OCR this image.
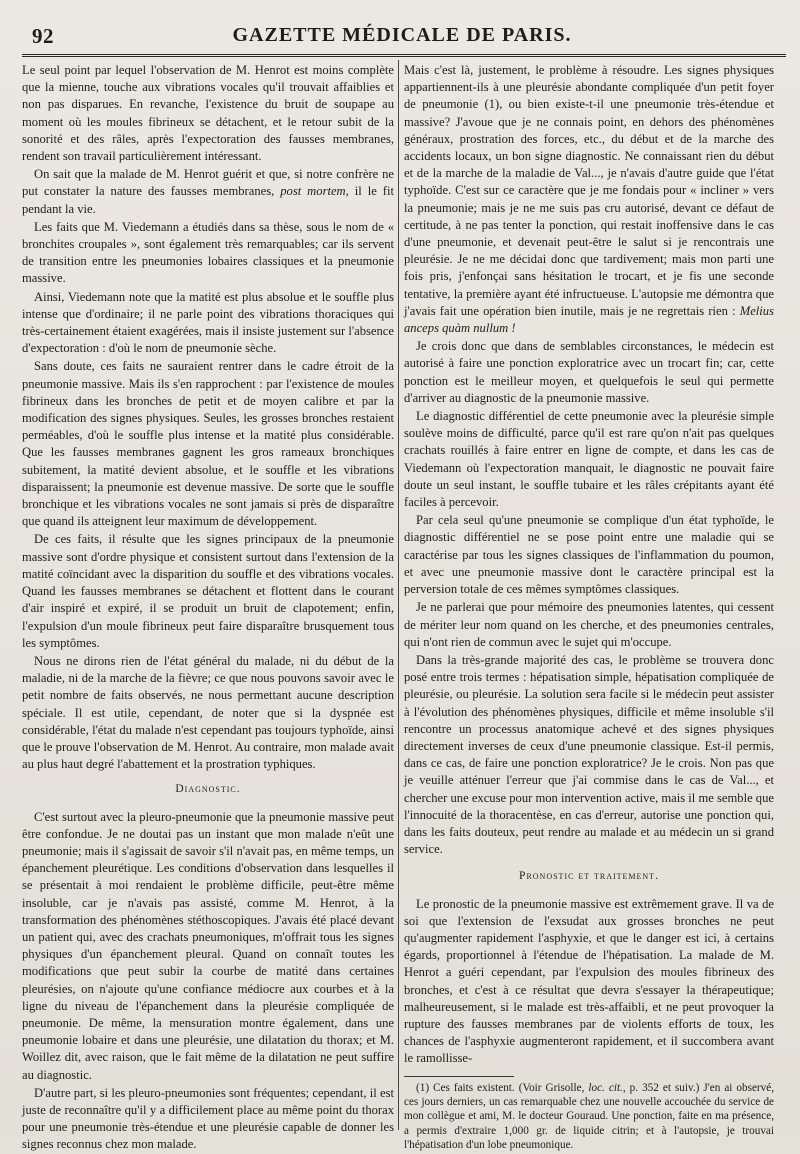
92	GAZETTE MÉDICALE DE PARIS.

Le seul point par lequel l'observation de M. Henrot est moins complète que la mienne, touche aux vibrations vocales qu'il trouvait affaiblies et non pas disparues. En revanche, l'existence du bruit de soupape au moment où les moules fibrineux se détachent, et le retour subit de la sonorité et des râles, après l'expectoration des fausses membranes, rendent son travail particulièrement intéressant.

On sait que la malade de M. Henrot guérit et que, si notre confrère ne put constater la nature des fausses membranes, post mortem, il le fit pendant la vie.

Les faits que M. Viedemann a étudiés dans sa thèse, sous le nom de « bronchites croupales », sont également très remarquables; car ils servent de transition entre les pneumonies lobaires classiques et la pneumonie massive.

Ainsi, Viedemann note que la matité est plus absolue et le souffle plus intense que d'ordinaire; il ne parle point des vibrations thoraciques qui très-certainement étaient exagérées, mais il insiste justement sur l'absence d'expectoration : d'où le nom de pneumonie sèche.

Sans doute, ces faits ne sauraient rentrer dans le cadre étroit de la pneumonie massive. Mais ils s'en rapprochent : par l'existence de moules fibrineux dans les bronches de petit et de moyen calibre et par la modification des signes physiques. Seules, les grosses bronches restaient perméables, d'où le souffle plus intense et la matité plus considérable. Que les fausses membranes gagnent les gros rameaux bronchiques subitement, la matité devient absolue, et le souffle et les vibrations disparaissent; la pneumonie est devenue massive. De sorte que le souffle bronchique et les vibrations vocales ne sont jamais si près de disparaître que quand ils atteignent leur maximum de développement.

De ces faits, il résulte que les signes principaux de la pneumonie massive sont d'ordre physique et consistent surtout dans l'extension de la matité coïncidant avec la disparition du souffle et des vibrations vocales. Quand les fausses membranes se détachent et flottent dans le courant d'air inspiré et expiré, il se produit un bruit de clapotement; enfin, l'expulsion d'un moule fibrineux peut faire disparaître brusquement tous les symptômes.

Nous ne dirons rien de l'état général du malade, ni du début de la maladie, ni de la marche de la fièvre; ce que nous pouvons savoir avec le petit nombre de faits observés, ne nous permettant aucune description spéciale. Il est utile, cependant, de noter que si la dyspnée est considérable, l'état du malade n'est cependant pas toujours typhoïde, ainsi que le prouve l'observation de M. Henrot. Au contraire, mon malade avait au plus haut degré l'abattement et la prostration typhiques.

Diagnostic.

C'est surtout avec la pleuro-pneumonie que la pneumonie massive peut être confondue. Je ne doutai pas un instant que mon malade n'eût une pneumonie; mais il s'agissait de savoir s'il n'avait pas, en même temps, un épanchement pleurétique. Les conditions d'observation dans lesquelles il se présentait à moi rendaient le problème difficile, peut-être même insoluble, car je n'avais pas assisté, comme M. Henrot, à la transformation des phénomènes stéthoscopiques. J'avais été placé devant un patient qui, avec des crachats pneumoniques, m'offrait tous les signes physiques d'un épanchement pleural. Quand on connaît toutes les modifications que peut subir la courbe de matité dans certaines pleurésies, on n'ajoute qu'une confiance médiocre aux courbes et à la ligne du niveau de l'épanchement dans la pleurésie compliquée de pneumonie. De même, la mensuration montre également, dans une pneumonie lobaire et dans une pleurésie, une dilatation du thorax; et M. Woillez dit, avec raison, que le fait même de la dilatation ne peut suffire au diagnostic.

D'autre part, si les pleuro-pneumonies sont fréquentes; cependant, il est juste de reconnaître qu'il y a difficilement place au même point du thorax pour une pneumonie très-étendue et une pleurésie capable de donner les signes reconnus chez mon malade.

Mais c'est là, justement, le problème à résoudre. Les signes physiques appartiennent-ils à une pleurésie abondante compliquée d'un petit foyer de pneumonie (1), ou bien existe-t-il une pneumonie très-étendue et massive? J'avoue que je ne connais point, en dehors des phénomènes généraux, prostration des forces, etc., du début et de la marche des accidents locaux, un bon signe diagnostic. Ne connaissant rien du début et de la marche de la maladie de Val..., je n'avais d'autre guide que l'état typhoïde. C'est sur ce caractère que je me fondais pour « incliner » vers la pneumonie; mais je ne me suis pas cru autorisé, devant ce défaut de certitude, à ne pas tenter la ponction, qui restait inoffensive dans le cas d'une pneumonie, et devenait peut-être le salut si je rencontrais une pleurésie. Je ne me décidai donc que tardivement; mais mon parti une fois pris, j'enfonçai sans hésitation le trocart, et je fis une seconde tentative, la première ayant été infructueuse. L'autopsie me démontra que j'avais fait une opération bien inutile, mais je ne regrettais rien : Melius anceps quàm nullum !

Je crois donc que dans de semblables circonstances, le médecin est autorisé à faire une ponction exploratrice avec un trocart fin; car, cette ponction est le meilleur moyen, et quelquefois le seul qui permette d'arriver au diagnostic de la pneumonie massive.

Le diagnostic différentiel de cette pneumonie avec la pleurésie simple soulève moins de difficulté, parce qu'il est rare qu'on n'ait pas quelques crachats rouillés à faire entrer en ligne de compte, et dans les cas de Viedemann où l'expectoration manquait, le diagnostic ne pouvait faire doute un seul instant, le souffle tubaire et les râles crépitants ayant été faciles à percevoir.

Par cela seul qu'une pneumonie se complique d'un état typhoïde, le diagnostic différentiel ne se pose point entre une maladie qui se caractérise par tous les signes classiques de l'inflammation du poumon, et avec une pneumonie massive dont le caractère principal est la perversion totale de ces mêmes symptômes classiques.

Je ne parlerai que pour mémoire des pneumonies latentes, qui cessent de mériter leur nom quand on les cherche, et des pneumonies centrales, qui n'ont rien de commun avec le sujet qui m'occupe.

Dans la très-grande majorité des cas, le problème se trouvera donc posé entre trois termes : hépatisation simple, hépatisation compliquée de pleurésie, ou pleurésie. La solution sera facile si le médecin peut assister à l'évolution des phénomènes physiques, difficile et même insoluble s'il rencontre un processus anatomique achevé et des signes physiques directement inverses de ceux d'une pneumonie classique. Est-il permis, dans ce cas, de faire une ponction exploratrice? Je le crois. Non pas que je veuille atténuer l'erreur que j'ai commise dans le cas de Val..., et chercher une excuse pour mon intervention active, mais il me semble que l'innocuité de la thoracentèse, en cas d'erreur, autorise une ponction qui, dans les faits douteux, peut rendre au malade et au médecin un si grand service.

Pronostic et traitement.

Le pronostic de la pneumonie massive est extrêmement grave. Il va de soi que l'extension de l'exsudat aux grosses bronches ne peut qu'augmenter rapidement l'asphyxie, et que le danger est ici, à certains égards, proportionnel à l'étendue de l'hépatisation. La malade de M. Henrot a guéri cependant, par l'expulsion des moules fibrineux des bronches, et c'est à ce résultat que devra s'essayer la thérapeutique; malheureusement, si le malade est très-affaibli, et ne peut provoquer la rupture des fausses membranes par de violents efforts de toux, les chances de l'asphyxie augmenteront rapidement, et il succombera avant le ramollisse-

(1) Ces faits existent. (Voir Grisolle, loc. cit., p. 352 et suiv.) J'en ai observé, ces jours derniers, un cas remarquable chez une nouvelle accouchée du service de mon collègue et ami, M. le docteur Gouraud. Une ponction, faite en ma présence, a permis d'extraire 1,000 gr. de liquide citrin; et à l'autopsie, je trouvai l'hépatisation d'un lobe pneumonique.
